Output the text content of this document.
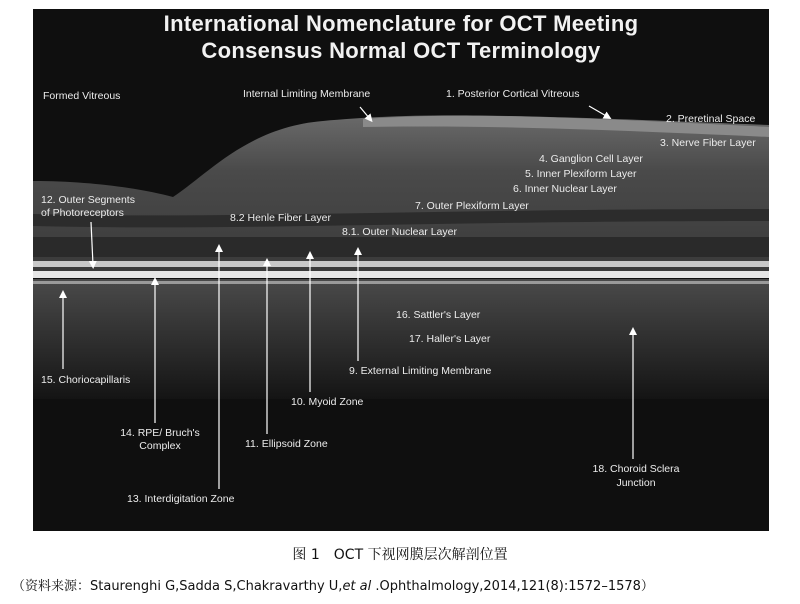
International Nomenclature for OCT Meeting
Consensus Normal OCT Terminology
Formed Vitreous	Internal Limiting Membrane	1. Posterior Cortical Vitreous
2. Preretinal Space
3. Nerve Fiber Layer
4. Ganglion Cell Layer
5. Inner Plexiform Layer
6. Inner Nuclear Layer
7. Outer Plexiform Layer
8.2 Henle Fiber Layer
8.1. Outer Nuclear Layer
12. Outer Segments
of Photoreceptors
16. Sattler's Layer
17. Haller's Layer
9. External Limiting Membrane
15. Choriocapillaris
10. Myoid Zone
14. RPE/ Bruch's
Complex	11. Ellipsoid Zone
18. Choroid Sclera
Junction
13. Interdigitation Zone
图 1　OCT 下视网膜层次解剖位置
（资料来源：Staurenghi G,Sadda S,Chakravarthy U,et al .Ophthalmology,2014,121(8):1572–1578）
